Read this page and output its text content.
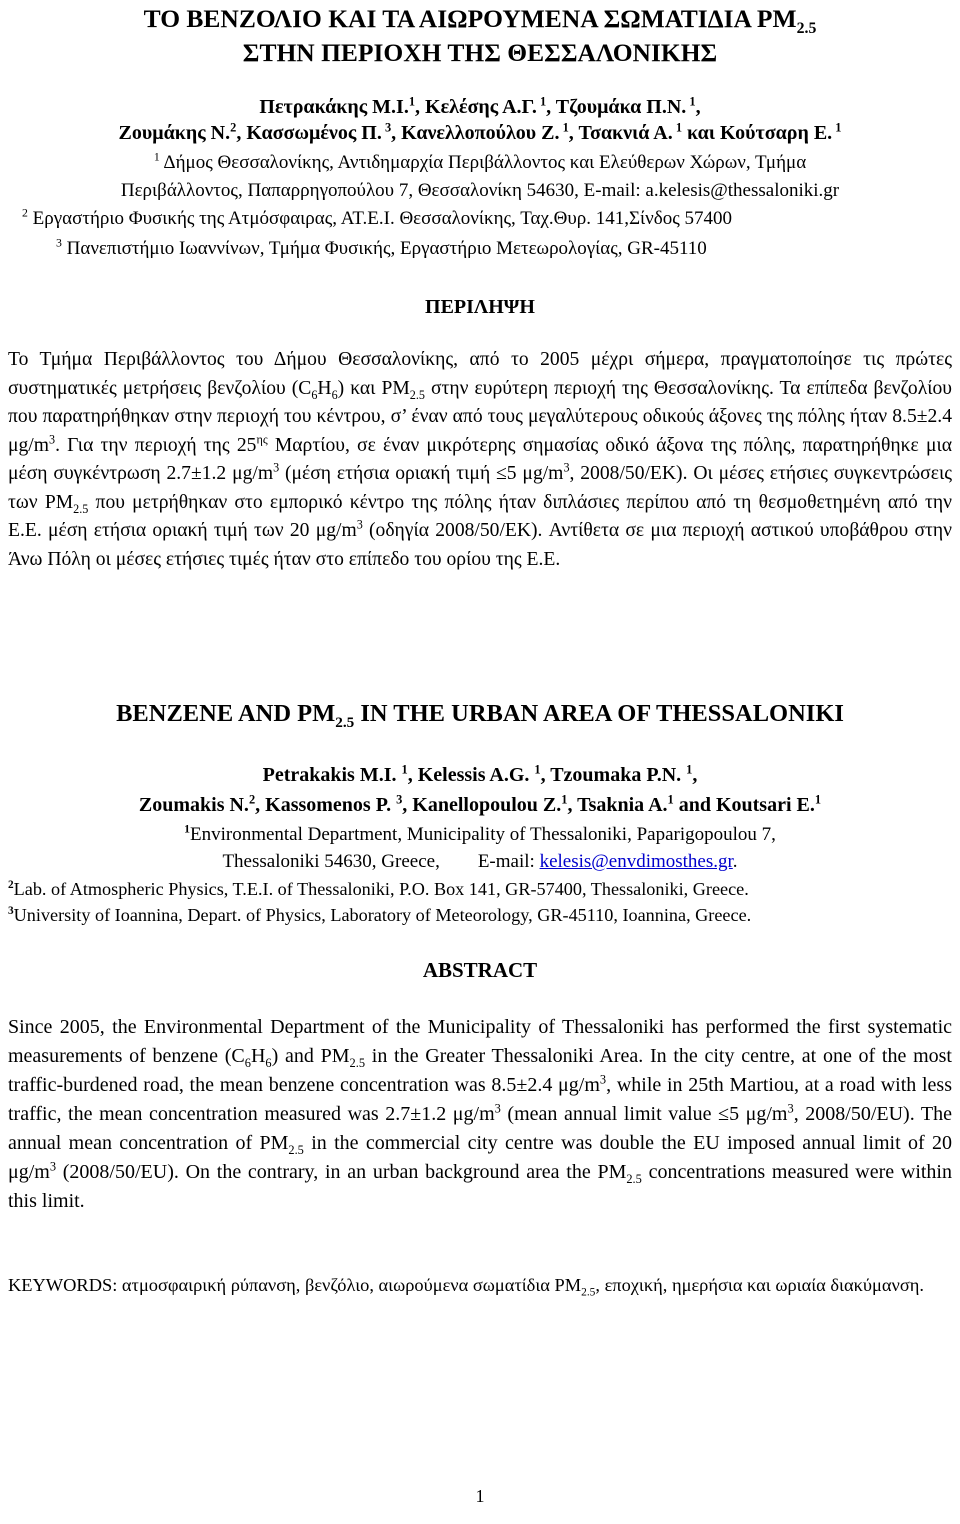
ΤΟ ΒΕΝΖΟΛΙΟ ΚΑΙ ΤΑ ΑΙΩΡΟΥΜΕΝΑ ΣΩΜΑΤΙΔΙΑ $PM_{2.5}$
ΣΤΗΝ ΠΕΡΙΟΧΗ ΤΗΣ ΘΕΣΣΑΛΟΝΙΚΗΣ
Πετρακάκης Μ.Ι.$^1$, Κελέσης Α.Γ. $^1$, Τζουμάκα Π.Ν. $^1$,
Ζουμάκης Ν.$^2$, Κασσωμένος Π. $^3$, Κανελλοπούλου Ζ. $^1$, Τσακνιά Α. $^1$ και Κούτσαρη Ε. $^1$
$^1$ Δήμος Θεσσαλονίκης, Αντιδημαρχία Περιβάλλοντος και Ελεύθερων Χώρων, Τμήμα
Περιβάλλοντος, Παπαρρηγοπούλου 7, Θεσσαλονίκη 54630, E-mail: a.kelesis@thessaloniki.gr
$^2$ Εργαστήριο Φυσικής της Ατμόσφαιρας, ΑΤ.Ε.Ι. Θεσσαλονίκης, Ταχ.Θυρ. 141,Σίνδος 57400
$^3$ Πανεπιστήμιο Ιωαννίνων, Τμήμα Φυσικής, Εργαστήριο Μετεωρολογίας, GR-45110
ΠΕΡΙΛΗΨΗ
Το Τμήμα Περιβάλλοντος του Δήμου Θεσσαλονίκης, από το 2005 μέχρι σήμερα, πραγματοποίησε τις πρώτες συστηματικές μετρήσεις βενζολίου $(C_6H_6)$ και $PM_{2.5}$ στην ευρύτερη περιοχή της Θεσσαλονίκης. Τα επίπεδα βενζολίου που παρατηρήθηκαν στην περιοχή του κέντρου, σ’ έναν από τους μεγαλύτερους οδικούς άξονες της πόλης ήταν 8.5±2.4 $\mu g/m^3$. Για την περιοχή της $25^{\eta\varsigma}$ Μαρτίου, σε έναν μικρότερης σημασίας οδικό άξονα της πόλης, παρατηρήθηκε μια μέση συγκέντρωση 2.7±1.2 $\mu g/m^3$ (μέση ετήσια οριακή τιμή ≤5 $\mu g/m^3$, 2008/50/ΕΚ). Οι μέσες ετήσιες συγκεντρώσεις των $PM_{2.5}$ που μετρήθηκαν στο εμπορικό κέντρο της πόλης ήταν διπλάσιες περίπου από τη θεσμοθετημένη από την Ε.Ε. μέση ετήσια οριακή τιμή των 20 $\mu g/m^3$ (οδηγία 2008/50/ΕΚ). Αντίθετα σε μια περιοχή αστικού υποβάθρου στην Άνω Πόλη οι μέσες ετήσιες τιμές ήταν στο επίπεδο του ορίου της Ε.Ε.
BENZENE AND $PM_{2.5}$ IN THE URBAN AREA OF THESSALONIKI
Petrakakis M.I. $^1$, Kelessis A.G. $^1$, Tzoumaka P.N. $^1$,
Zoumakis N.$^2$, Kassomenos P. $^3$, Kanellopoulou Z.$^1$, Tsaknia A.$^1$ and Koutsari E.$^1$
$^1$Environmental Department, Municipality of Thessaloniki, Paparigopoulou 7,
Thessaloniki 54630, Greece,        E-mail: kelesis@envdimosthes.gr.
$^2$Lab. of Atmospheric Physics, T.E.I. of Thessaloniki, P.O. Box 141, GR-57400, Thessaloniki, Greece.
$^3$University of Ioannina, Depart. of Physics, Laboratory of Meteorology, GR-45110, Ioannina, Greece.
ABSTRACT
Since 2005, the Environmental Department of the Municipality of Thessaloniki has performed the first systematic measurements of benzene $(C_6H_6)$ and $PM_{2.5}$ in the Greater Thessaloniki Area. In the city centre, at one of the most traffic-burdened road, the mean benzene concentration was 8.5±2.4 $\mu g/m^3$, while in 25th Martiou, at a road with less traffic, the mean concentration measured was 2.7±1.2 $\mu g/m^3$ (mean annual limit value ≤5 $\mu g/m^3$, 2008/50/EU). The annual mean concentration of $PM_{2.5}$ in the commercial city centre was double the EU imposed annual limit of 20 $\mu g/m^3$ (2008/50/EU). On the contrary, in an urban background area the $PM_{2.5}$ concentrations measured were within this limit.
KEYWORDS: ατμοσφαιρική ρύπανση, βενζόλιο, αιωρούμενα σωματίδια $PM_{2.5}$, εποχική, ημερήσια και ωριαία διακύμανση.
1
